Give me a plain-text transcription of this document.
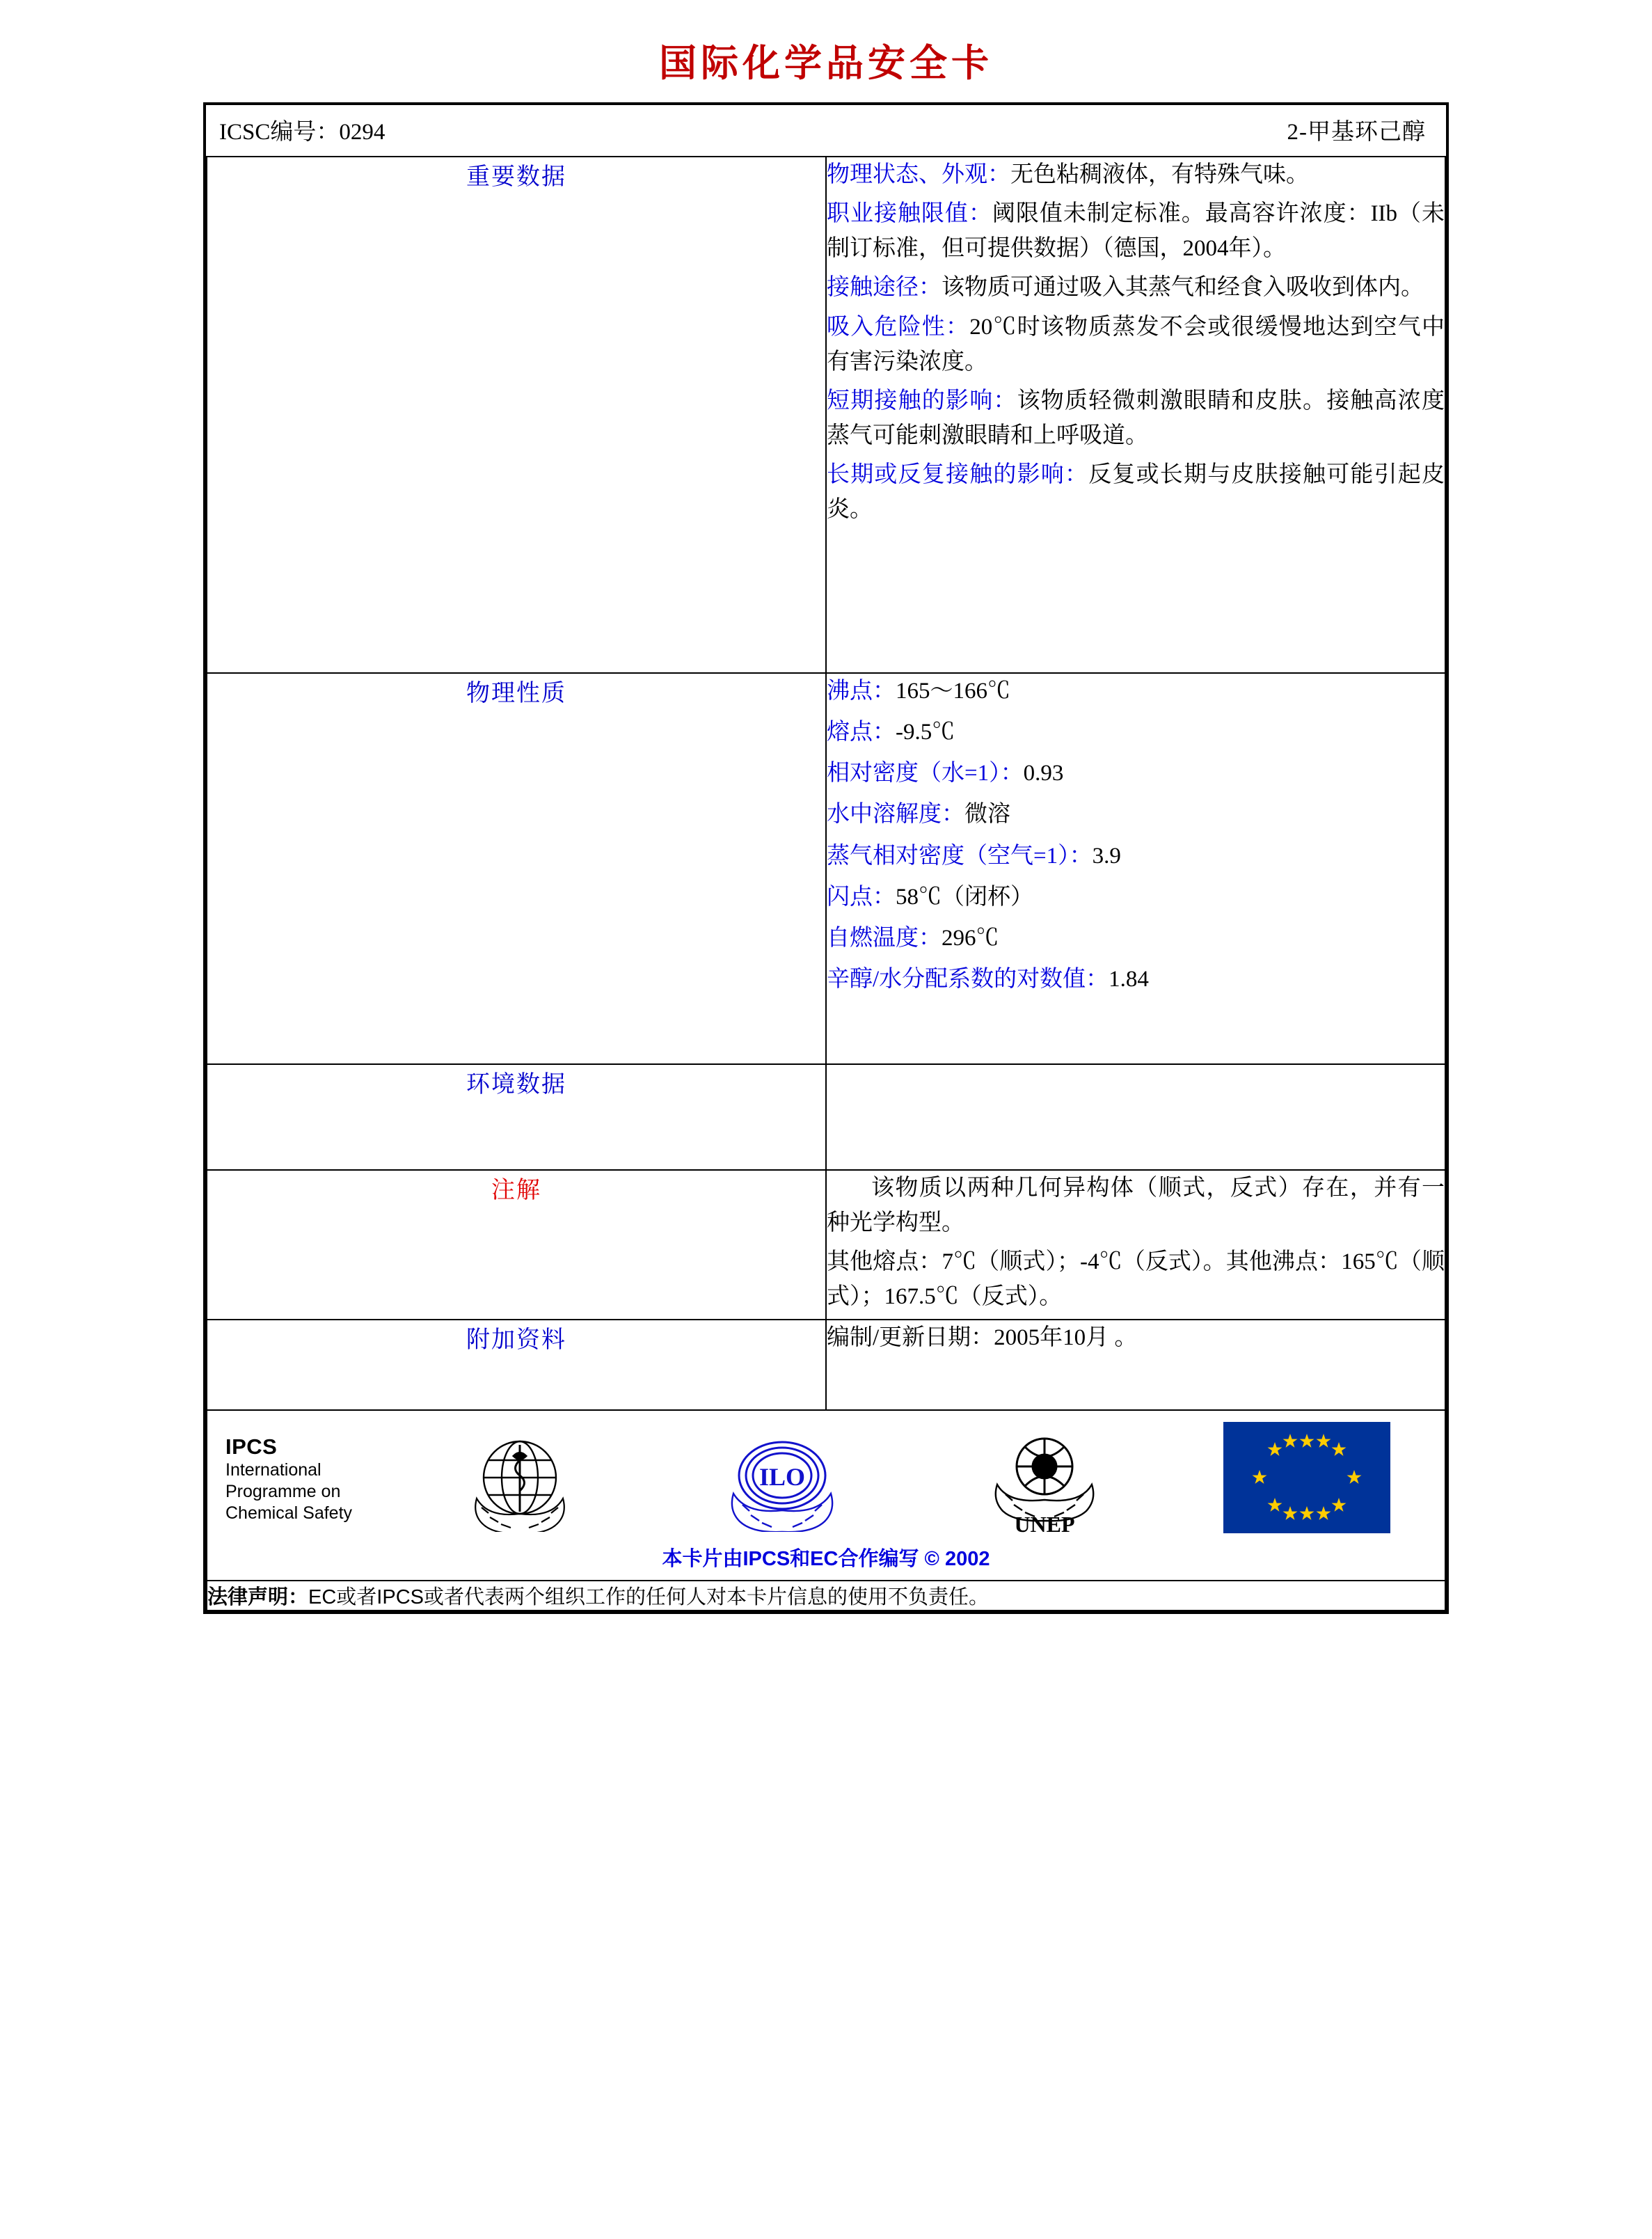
国际化学品安全卡
ICSC编号：0294 2-甲基环己醇	

重要数据	物理状态、外观：无色粘稠液体，有特殊气味。

职业接触限值：阈限值未制定标准。最高容许浓度：IIb（未制订标准，但可提供数据）（德国，2004年）。

接触途径：该物质可通过吸入其蒸气和经食入吸收到体内。

吸入危险性：20℃时该物质蒸发不会或很缓慢地达到空气中有害污染浓度。

短期接触的影响：该物质轻微刺激眼睛和皮肤。接触高浓度蒸气可能刺激眼睛和上呼吸道。

长期或反复接触的影响：反复或长期与皮肤接触可能引起皮炎。

物理性质	沸点：165～166℃

熔点：-9.5℃

相对密度（水=1）：0.93

水中溶解度：微溶

蒸气相对密度（空气=1）：3.9

闪点：58℃（闭杯）

自燃温度：296℃

辛醇/水分配系数的对数值：1.84

环境数据	
注解	该物质以两种几何异构体（顺式，反式）存在，并有一种光学构型。

其他熔点：7℃（顺式）；-4℃（反式）。其他沸点：165℃（顺式）；167.5℃（反式）。

附加资料	编制/更新日期：2005年10月 。

IPCS
International
Programme on
Chemical Safety
ILO
UNEP
本卡片由IPCS和EC合作编写 © 2002

法律声明：EC或者IPCS或者代表两个组织工作的任何人对本卡片信息的使用不负责任。	
